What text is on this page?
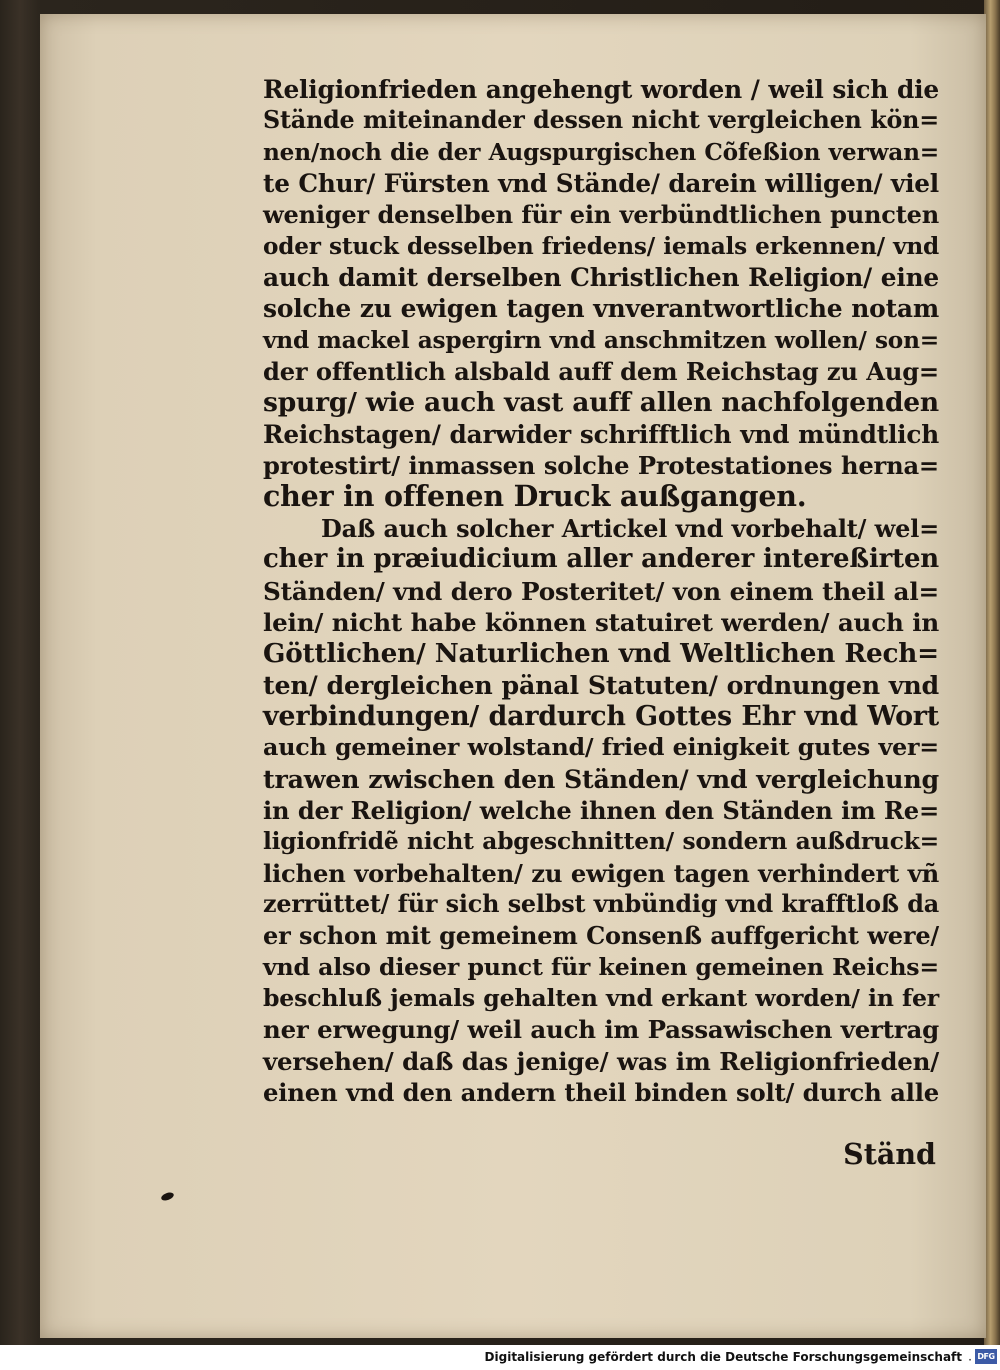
Religionfrieden angehengt worden / weil sich die
Stände miteinander dessen nicht vergleichen kön=
nen/noch die der Augspurgischen Cõfeßion verwan=
te Chur/ Fürsten vnd Stände/ darein willigen/ viel
weniger denselben für ein verbündtlichen puncten
oder stuck desselben friedens/ iemals erkennen/ vnd
auch damit derselben Christlichen Religion/ eine
solche zu ewigen tagen vnverantwortliche notam
vnd mackel aspergirn vnd anschmitzen wollen/ son=
der offentlich alsbald auff dem Reichstag zu Aug=
spurg/ wie auch vast auff allen nachfolgenden
Reichstagen/ darwider schrifftlich vnd mündtlich
protestirt/ inmassen solche Protestationes herna=
cher in offenen Druck außgangen.
Daß auch solcher Artickel vnd vorbehalt/ wel=
cher in præiudicium aller anderer intereßirten
Ständen/ vnd dero Posteritet/ von einem theil al=
lein/ nicht habe können statuiret werden/ auch in
Göttlichen/ Naturlichen vnd Weltlichen Rech=
ten/ dergleichen pänal Statuten/ ordnungen vnd
verbindungen/ dardurch Gottes Ehr vnd Wort
auch gemeiner wolstand/ fried einigkeit gutes ver=
trawen zwischen den Ständen/ vnd vergleichung
in der Religion/ welche ihnen den Ständen im Re=
ligionfridẽ nicht abgeschnitten/ sondern außdruck=
lichen vorbehalten/ zu ewigen tagen verhindert vñ
zerrüttet/ für sich selbst vnbündig vnd krafftloß da
er schon mit gemeinem Consenß auffgericht were/
vnd also dieser punct für keinen gemeinen Reichs=
beschluß jemals gehalten vnd erkant worden/ in fer
ner erwegung/ weil auch im Passawischen vertrag
versehen/ daß das jenige/ was im Religionfrieden/
einen vnd den andern theil binden solt/ durch alle
Ständ
Digitalisierung gefördert durch die Deutsche Forschungsgemeinschaft · DFG
